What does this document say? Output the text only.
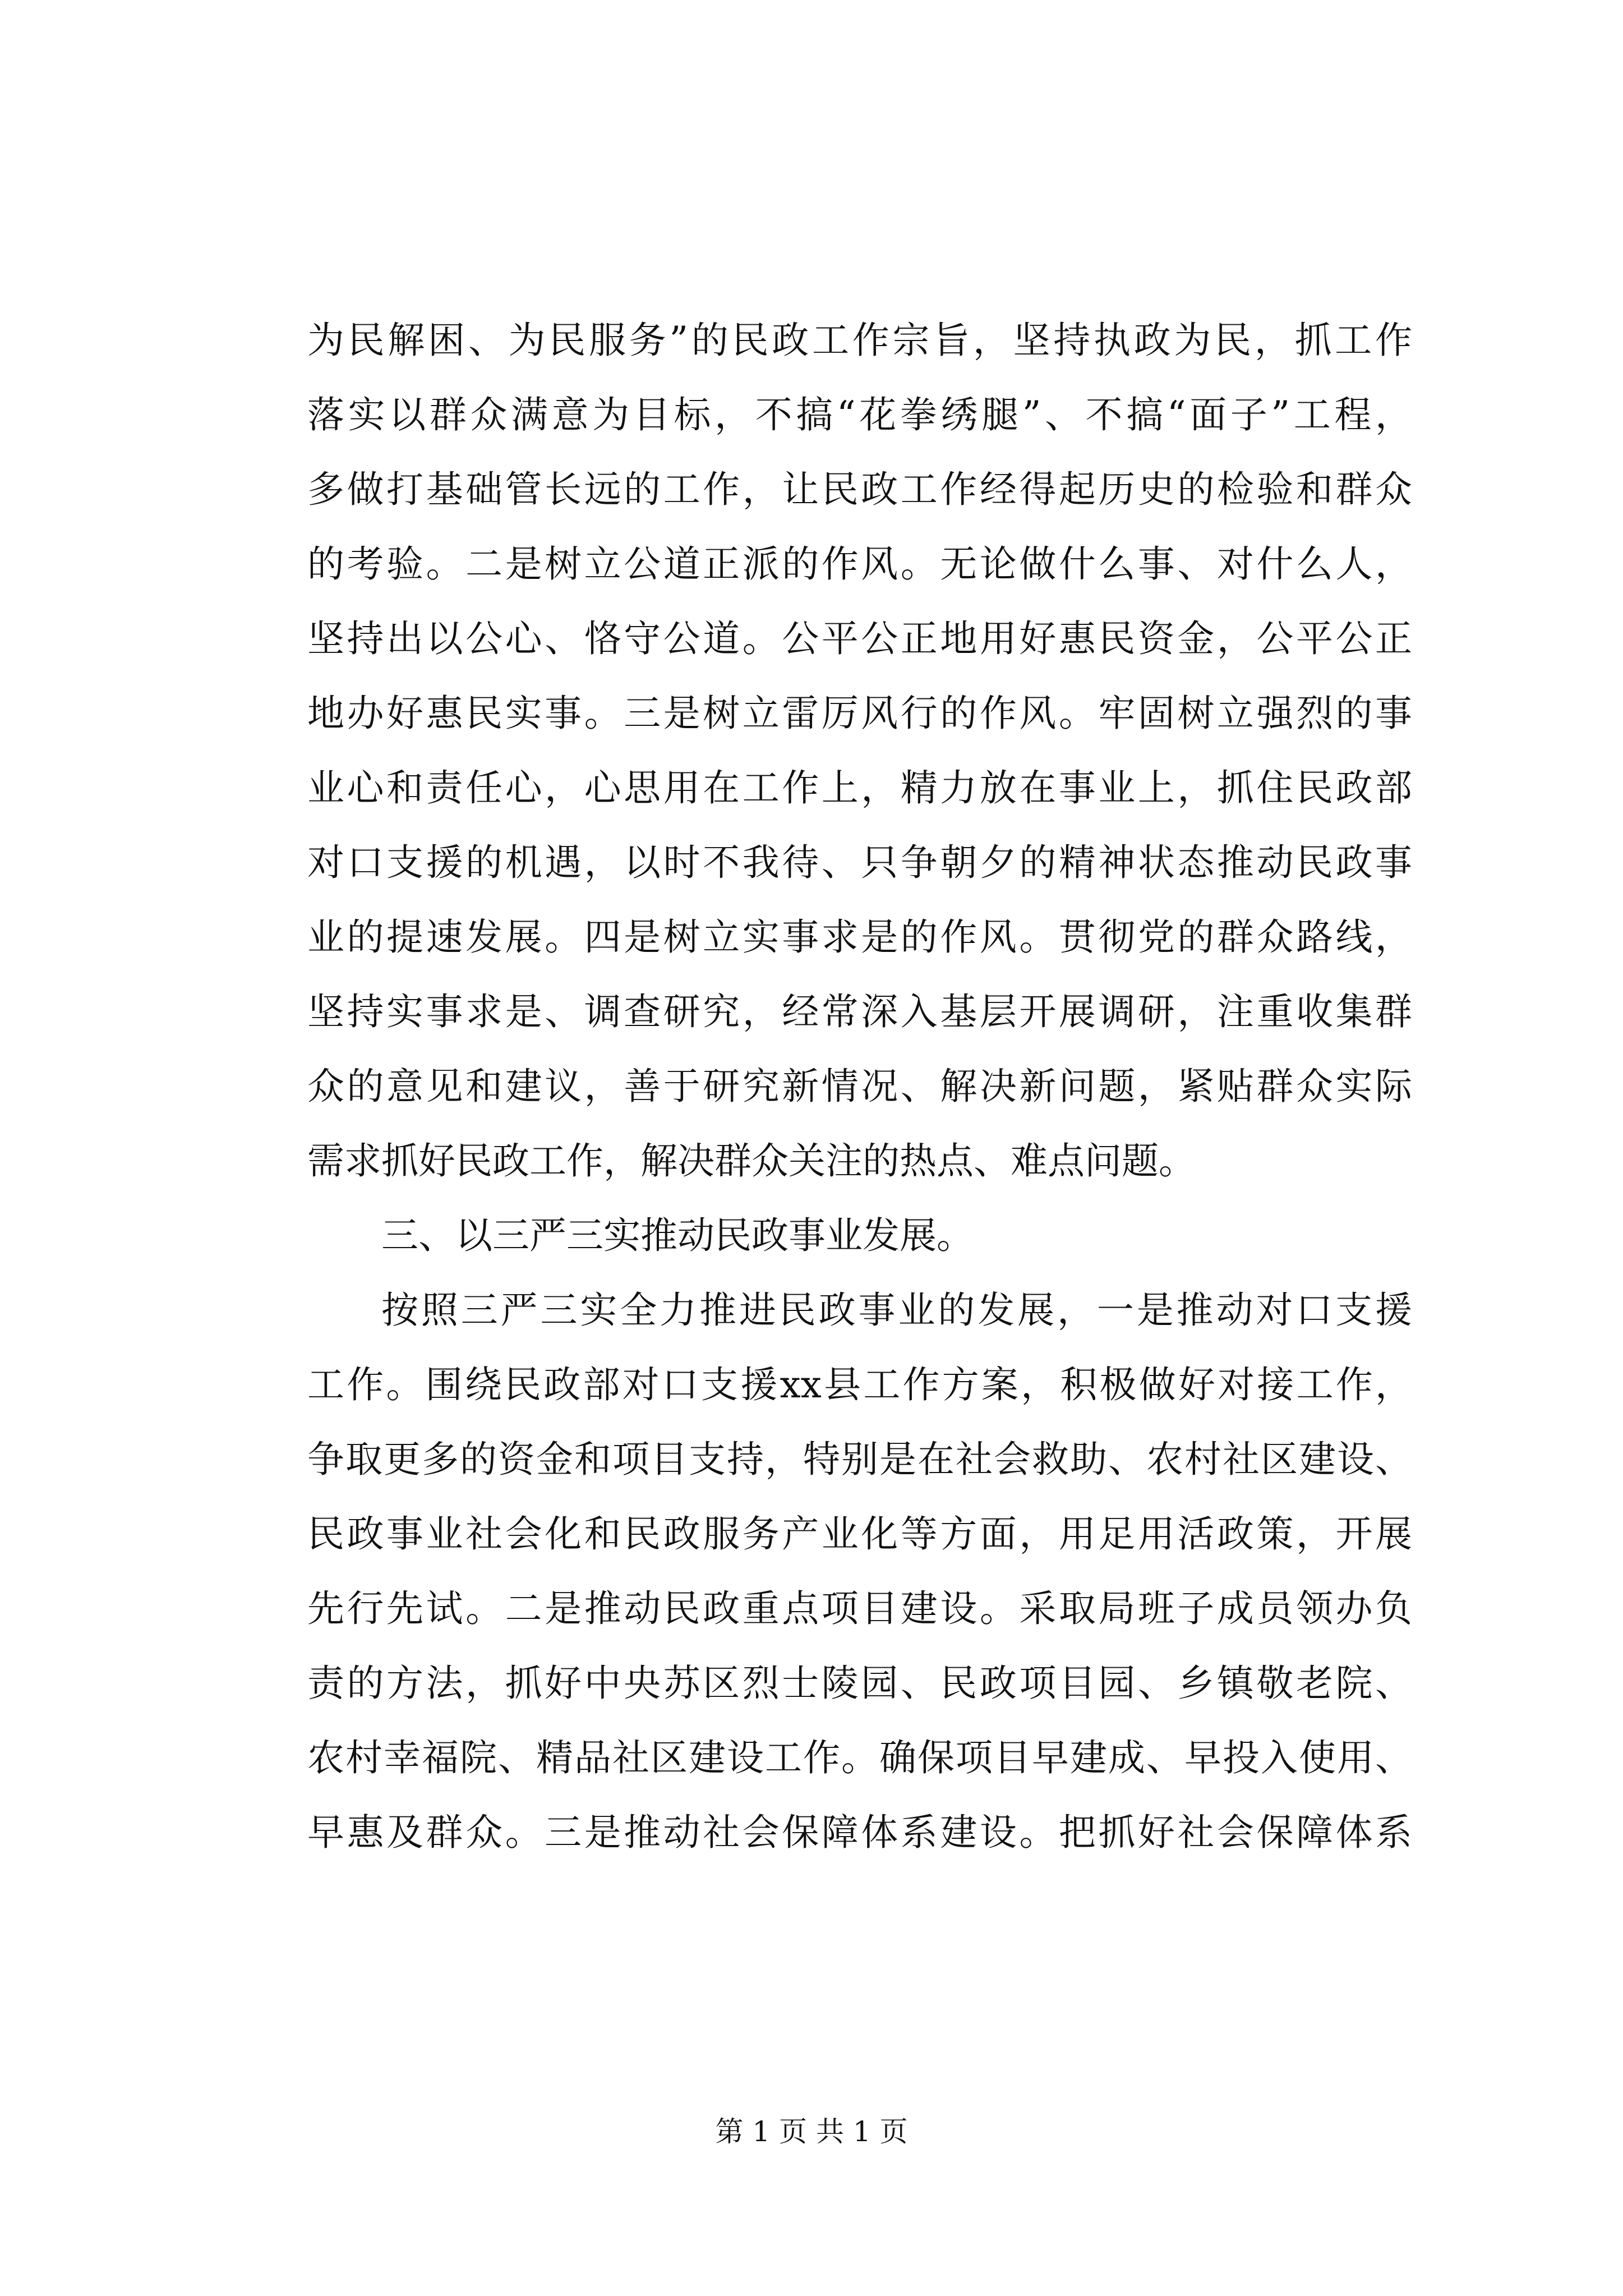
为民解困、为民服务”的民政工作宗旨，坚持执政为民，抓工作
落实以群众满意为目标，不搞“花拳绣腿”、不搞“面子”工程，
多做打基础管长远的工作，让民政工作经得起历史的检验和群众
的考验。二是树立公道正派的作风。无论做什么事、对什么人，
坚持出以公心、恪守公道。公平公正地用好惠民资金，公平公正
地办好惠民实事。三是树立雷厉风行的作风。牢固树立强烈的事
业心和责任心，心思用在工作上，精力放在事业上，抓住民政部
对口支援的机遇，以时不我待、只争朝夕的精神状态推动民政事
业的提速发展。四是树立实事求是的作风。贯彻党的群众路线，
坚持实事求是、调查研究，经常深入基层开展调研，注重收集群
众的意见和建议，善于研究新情况、解决新问题，紧贴群众实际
需求抓好民政工作，解决群众关注的热点、难点问题。
三、以三严三实推动民政事业发展。
按照三严三实全力推进民政事业的发展，一是推动对口支援
工作。围绕民政部对口支援xx县工作方案，积极做好对接工作，
争取更多的资金和项目支持，特别是在社会救助、农村社区建设、
民政事业社会化和民政服务产业化等方面，用足用活政策，开展
先行先试。二是推动民政重点项目建设。采取局班子成员领办负
责的方法，抓好中央苏区烈士陵园、民政项目园、乡镇敬老院、
农村幸福院、精品社区建设工作。确保项目早建成、早投入使用、
早惠及群众。三是推动社会保障体系建设。把抓好社会保障体系
第 1 页 共 1 页
